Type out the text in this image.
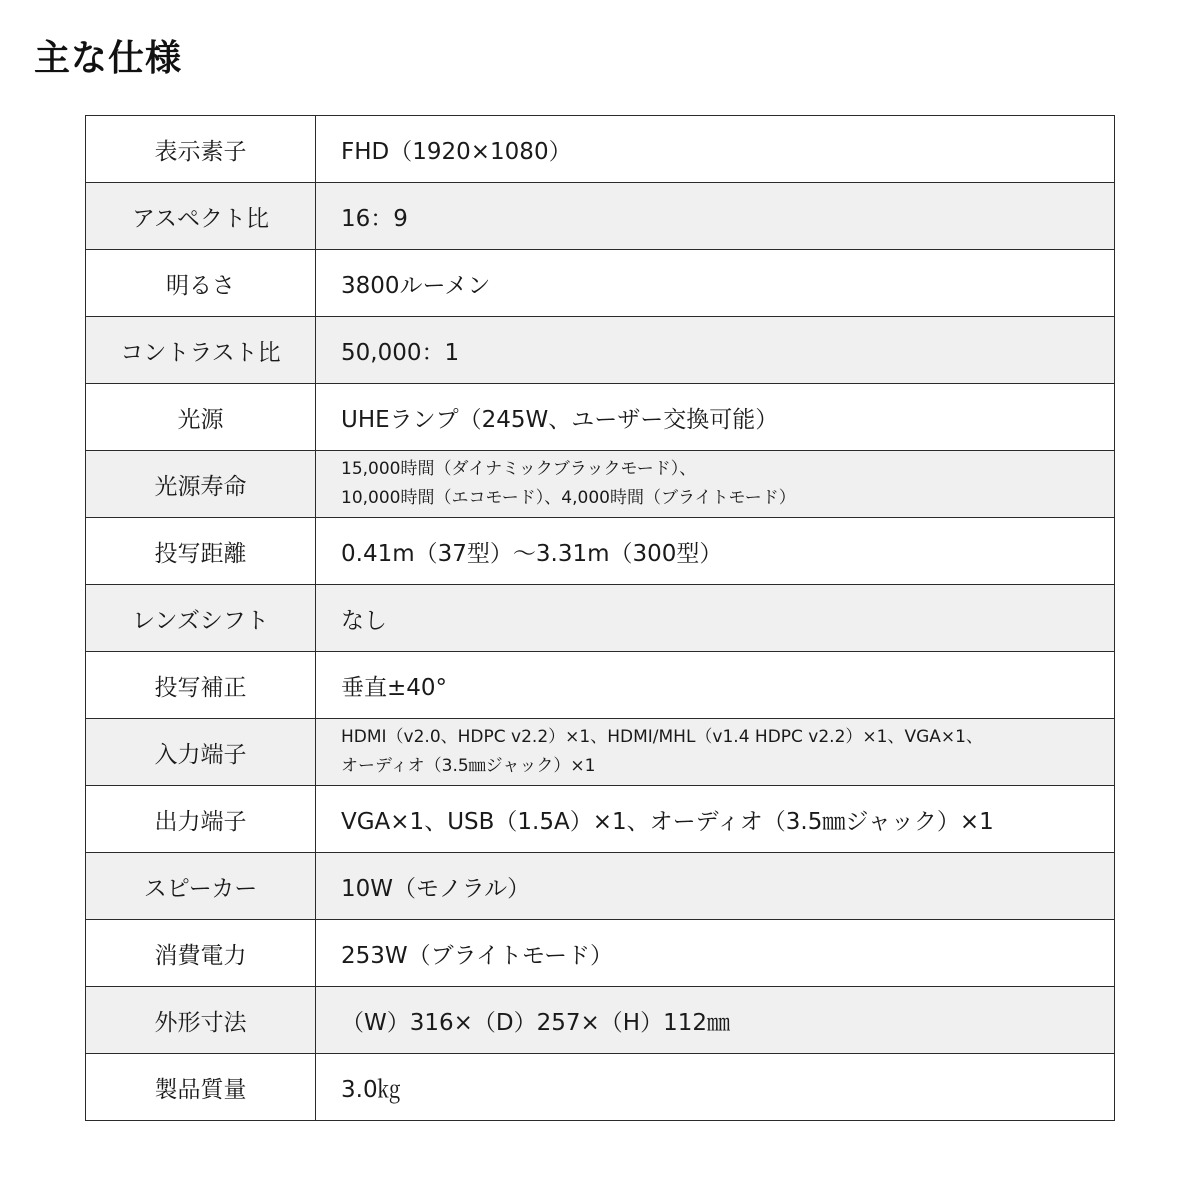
主な仕様
表示素子	FHD（1920×1080）

アスペクト比	16：9

明るさ	3800ルーメン

コントラスト比	50,000：1

光源	UHEランプ（245W、ユーザー交換可能）

光源寿命	15,000時間（ダイナミックブラックモード）、
10,000時間（エコモード）、4,000時間（ブライトモード）

投写距離	0.41m（37型）～3.31m（300型）

レンズシフト	なし

投写補正	垂直±40°

入力端子	HDMI（v2.0、HDPC v2.2）×1、HDMI/MHL（v1.4 HDPC v2.2）×1、VGA×1、
オーディオ（3.5㎜ジャック）×1

出力端子	VGA×1、USB（1.5A）×1、オーディオ（3.5㎜ジャック）×1

スピーカー	10W（モノラル）

消費電力	253W（ブライトモード）

外形寸法	（W）316×（D）257×（H）112㎜

製品質量	3.0㎏
